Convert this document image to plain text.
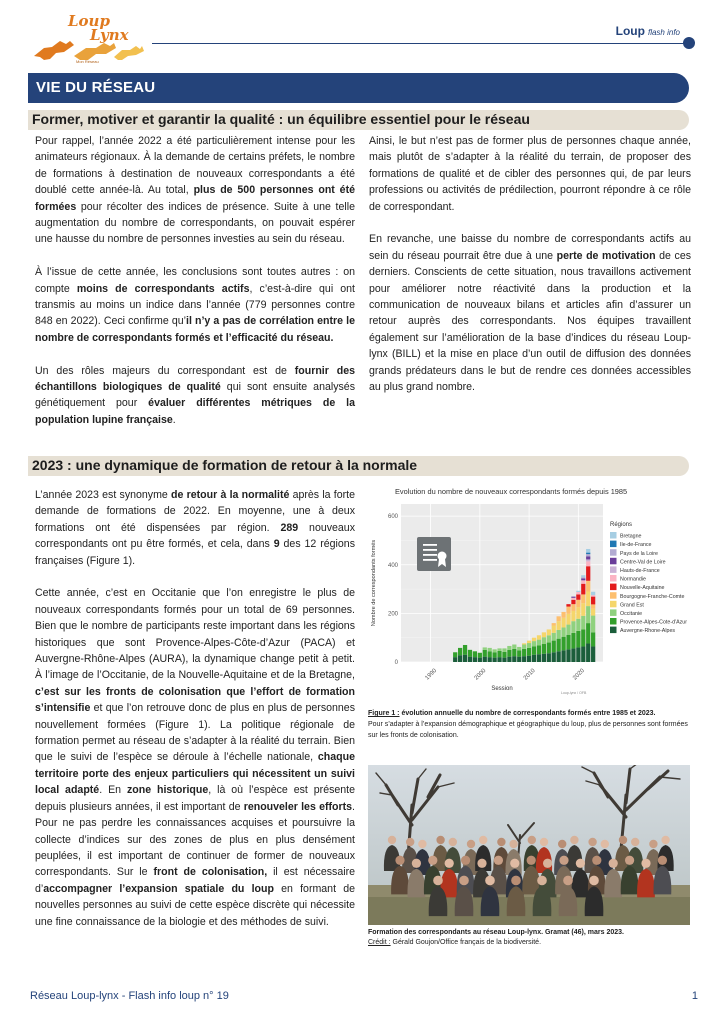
Loup
Lynx
Mon Réseau
Loup flash info
VIE DU RÉSEAU
Former, motiver et garantir la qualité : un équilibre essentiel pour le réseau

Pour rappel, l’année 2022 a été particulièrement intense pour les animateurs régionaux. À la demande de certains préfets, le nombre de formations à destination de nouveaux correspondants a été doublé cette année-là. Au total, plus de 500 personnes ont été formées pour récolter des indices de présence. Suite à une telle augmentation du nombre de correspondants, on pouvait espérer une hausse du nombre de personnes investies au sein du réseau.

À l’issue de cette année, les conclusions sont toutes autres : on compte moins de correspondants actifs, c’est-à-dire qui ont transmis au moins un indice dans l’année (779 personnes contre 848 en 2022). Ceci confirme qu’il n’y a pas de corrélation entre le nombre de correspondants formés et l’efficacité du réseau.

Un des rôles majeurs du correspondant est de fournir des échantillons biologiques de qualité qui sont ensuite analysés génétiquement pour évaluer différentes métriques de la population lupine française.

Ainsi, le but n’est pas de former plus de personnes chaque année, mais plutôt de s’adapter à la réalité du terrain, de proposer des formations de qualité et de cibler des personnes qui, de par leurs professions ou activités de prédilection, pourront répondre à ce rôle de correspondant.

En revanche, une baisse du nombre de correspondants actifs au sein du réseau pourrait être due à une perte de motivation de ces derniers. Conscients de cette situation, nous travaillons activement pour améliorer notre réactivité dans la production et la communication de nouveaux bilans et articles afin d’assurer un retour auprès des correspondants. Nos équipes travaillent également sur l’amélioration de la base d’indices du réseau Loup-lynx (BILL) et la mise en place d’un outil de diffusion des données grands prédateurs dans le but de rendre ces données accessibles au plus grand nombre.

2023 : une dynamique de formation de retour à la normale

L’année 2023 est synonyme de retour à la normalité après la forte demande de formations de 2022. En moyenne, une à deux formations ont été dispensées par région. 289 nouveaux correspondants ont pu être formés, et cela, dans 9 des 12 régions françaises (Figure 1).

Cette année, c’est en Occitanie que l’on enregistre le plus de nouveaux correspondants formés pour un total de 69 personnes. Bien que le nombre de participants reste important dans les régions historiques que sont Provence-Alpes-Côte-d’Azur (PACA) et Auvergne-Rhône-Alpes (AURA), la dynamique change petit à petit. À l’image de l’Occitanie, de la Nouvelle-Aquitaine et de la Bretagne, c’est sur les fronts de colonisation que l’effort de formation s’intensifie et que l’on retrouve donc de plus en plus de personnes nouvellement formées (Figure 1). La politique régionale de formation permet au réseau de s’adapter à la réalité du terrain. Bien que le suivi de l’espèce se déroule à l’échelle nationale, chaque territoire porte des enjeux particuliers qui nécessitent un suivi local adapté. En zone historique, là où l’espèce est présente depuis plusieurs années, il est important de renouveler les efforts. Pour ne pas perdre les connaissances acquises et poursuivre la collecte d’indices sur des zones de plus en plus densément peuplées, il est important de continuer de former de nouveaux correspondants. Sur le front de colonisation, il est nécessaire d’accompagner l’expansion spatiale du loup en formant de nouvelles personnes au suivi de cette espèce discrète qui nécessite une fine connaissance de la biologie et des méthodes de suivi.

Evolution du nombre de nouveaux correspondants formés depuis 1985
0
200
400
600
1990	2000	2010	2020
Session
Nombre de correspondants formés
Régions
Bretagne
Ile-de-France
Pays de la Loire
Centre-Val de Loire
Hauts-de-France
Normandie
Nouvelle-Aquitaine
Bourgogne-Franche-Comte
Grand Est
Occitanie
Provence-Alpes-Cote-d'Azur
Auvergne-Rhone-Alpes
Loup-lynx / OFB
Figure 1 : évolution annuelle du nombre de correspondants formés entre 1985 et 2023.
Pour s’adapter à l’expansion démographique et géographique du loup, plus de personnes sont formées sur les fronts de colonisation.
Formation des correspondants au réseau Loup-lynx. Gramat (46), mars 2023.
Crédit : Gérald Goujon/Office français de la biodiversité.
Réseau Loup-lynx - Flash info loup n° 19	1
